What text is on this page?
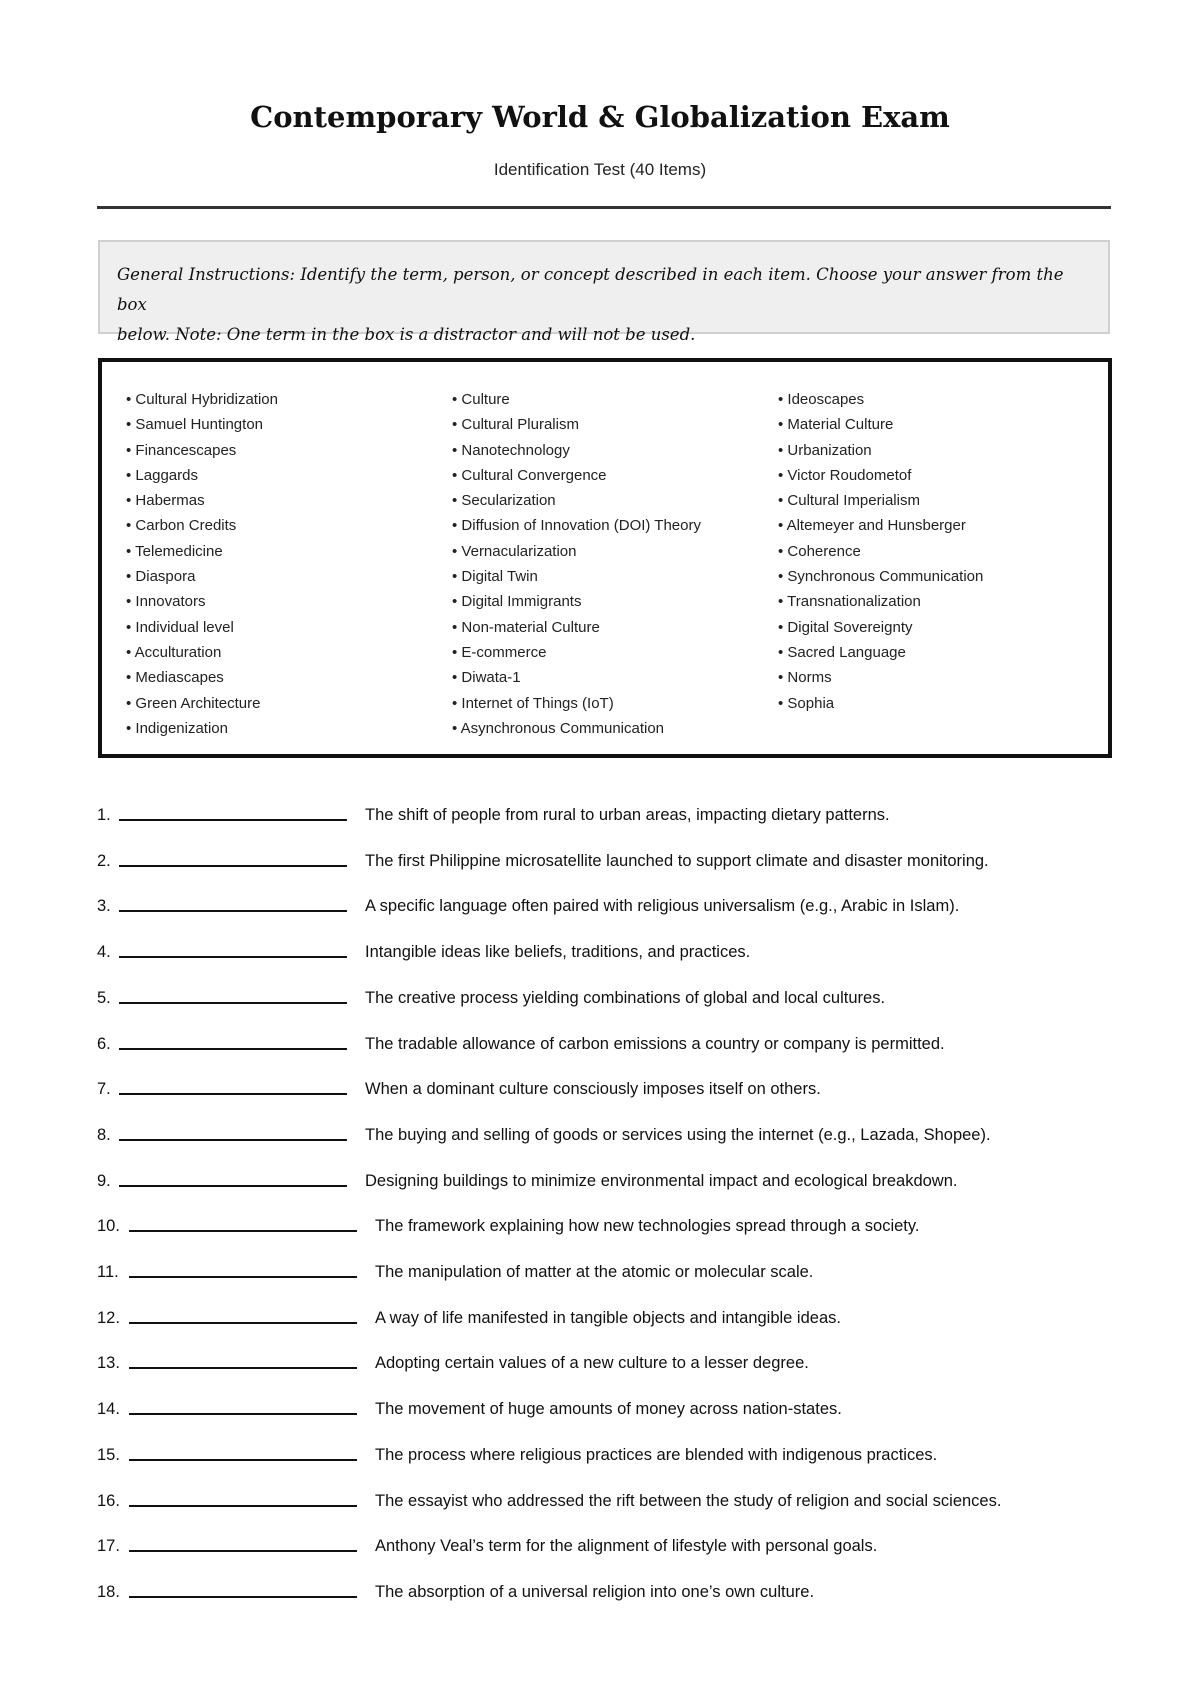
Contemporary World & Globalization Exam
Identification Test (40 Items)
General Instructions: Identify the term, person, or concept described in each item. Choose your answer from the box
below. Note: One term in the box is a distractor and will not be used.
• Cultural Hybridization
• Samuel Huntington
• Financescapes
• Laggards
• Habermas
• Carbon Credits
• Telemedicine
• Diaspora
• Innovators
• Individual level
• Acculturation
• Mediascapes
• Green Architecture
• Indigenization
• Culture
• Cultural Pluralism
• Nanotechnology
• Cultural Convergence
• Secularization
• Diffusion of Innovation (DOI) Theory
• Vernacularization
• Digital Twin
• Digital Immigrants
• Non-material Culture
• E-commerce
• Diwata-1
• Internet of Things (IoT)
• Asynchronous Communication
• Ideoscapes
• Material Culture
• Urbanization
• Victor Roudometof
• Cultural Imperialism
• Altemeyer and Hunsberger
• Coherence
• Synchronous Communication
• Transnationalization
• Digital Sovereignty
• Sacred Language
• Norms
• Sophia
1.	The shift of people from rural to urban areas, impacting dietary patterns.
2.	The first Philippine microsatellite launched to support climate and disaster monitoring.
3.	A specific language often paired with religious universalism (e.g., Arabic in Islam).
4.	Intangible ideas like beliefs, traditions, and practices.
5.	The creative process yielding combinations of global and local cultures.
6.	The tradable allowance of carbon emissions a country or company is permitted.
7.	When a dominant culture consciously imposes itself on others.
8.	The buying and selling of goods or services using the internet (e.g., Lazada, Shopee).
9.	Designing buildings to minimize environmental impact and ecological breakdown.
10.	The framework explaining how new technologies spread through a society.
11.	The manipulation of matter at the atomic or molecular scale.
12.	A way of life manifested in tangible objects and intangible ideas.
13.	Adopting certain values of a new culture to a lesser degree.
14.	The movement of huge amounts of money across nation-states.
15.	The process where religious practices are blended with indigenous practices.
16.	The essayist who addressed the rift between the study of religion and social sciences.
17.	Anthony Veal’s term for the alignment of lifestyle with personal goals.
18.	The absorption of a universal religion into one’s own culture.
